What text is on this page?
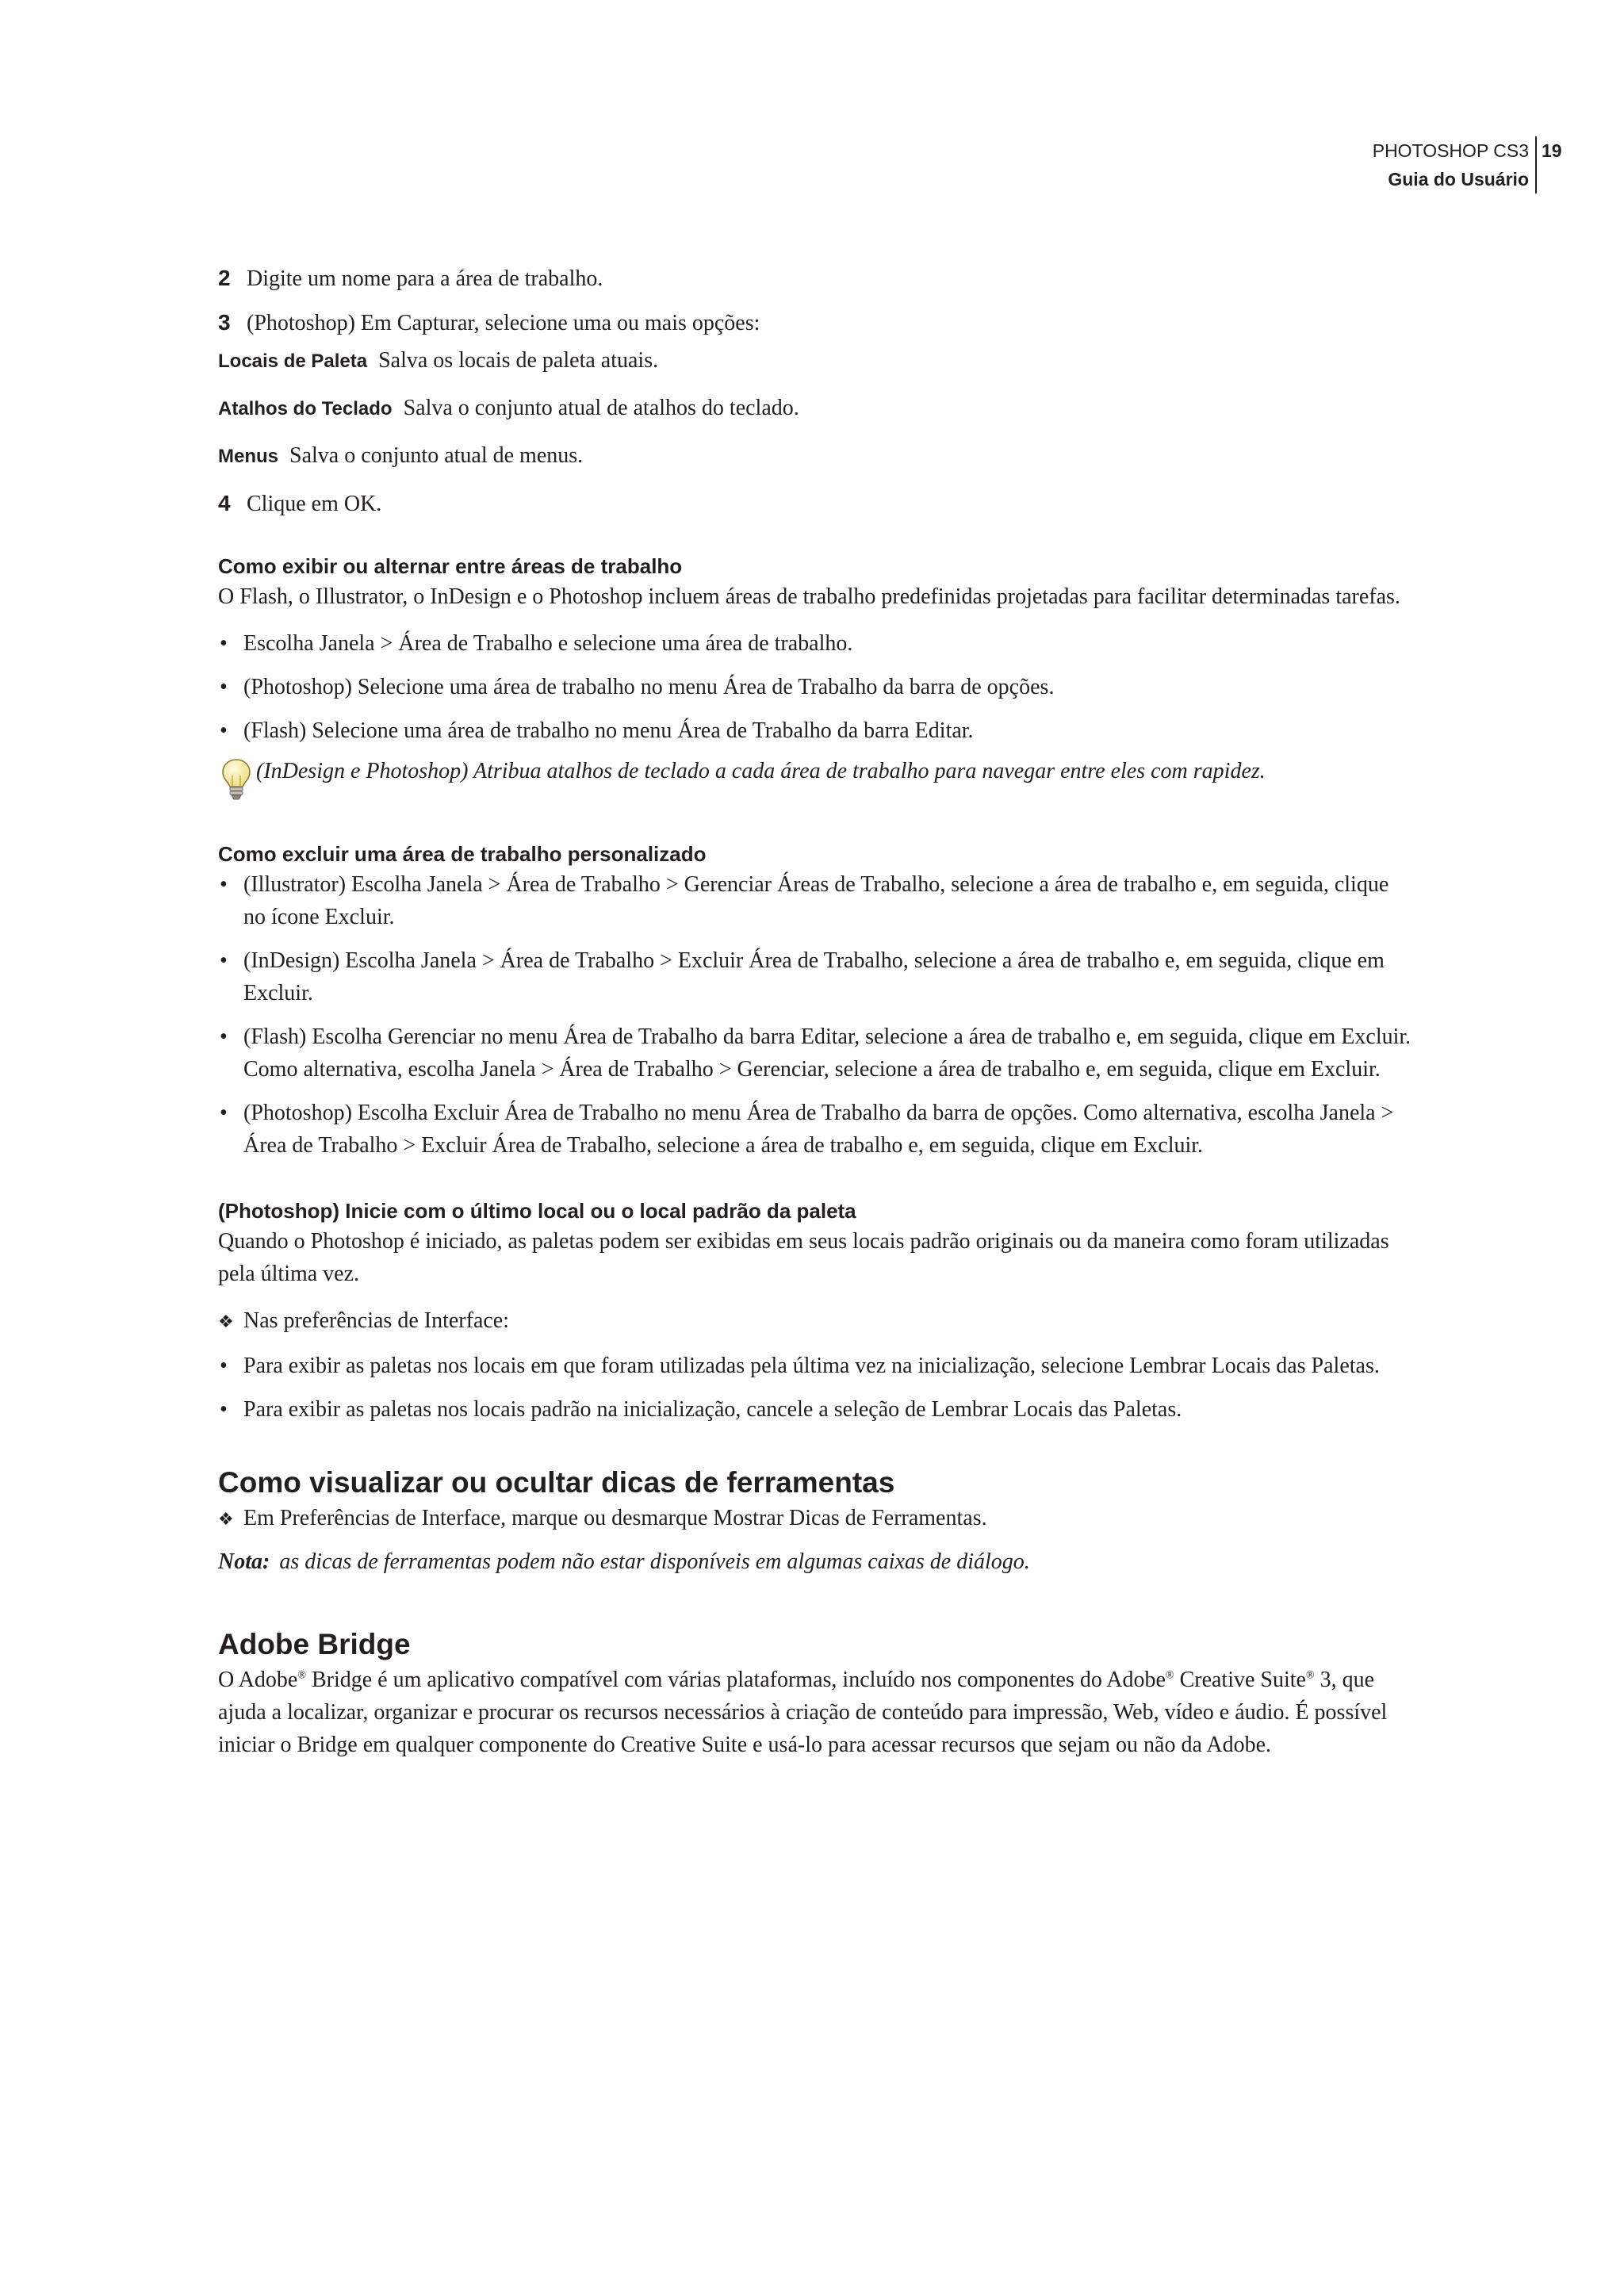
PHOTOSHOP CS3
Guia do Usuário
19

2 Digite um nome para a área de trabalho.

3 (Photoshop) Em Capturar, selecione uma ou mais opções:

Locais de Paleta Salva os locais de paleta atuais.

Atalhos do Teclado Salva o conjunto atual de atalhos do teclado.

Menus Salva o conjunto atual de menus.

4 Clique em OK.

Como exibir ou alternar entre áreas de trabalho

O Flash, o Illustrator, o InDesign e o Photoshop incluem áreas de trabalho predefinidas projetadas para facilitar determinadas tarefas.

• Escolha Janela > Área de Trabalho e selecione uma área de trabalho.
• (Photoshop) Selecione uma área de trabalho no menu Área de Trabalho da barra de opções.
• (Flash) Selecione uma área de trabalho no menu Área de Trabalho da barra Editar.
(InDesign e Photoshop) Atribua atalhos de teclado a cada área de trabalho para navegar entre eles com rapidez.
Como excluir uma área de trabalho personalizado
• (Illustrator) Escolha Janela > Área de Trabalho > Gerenciar Áreas de Trabalho, selecione a área de trabalho e, em seguida, clique no ícone Excluir.
• (InDesign) Escolha Janela > Área de Trabalho > Excluir Área de Trabalho, selecione a área de trabalho e, em seguida, clique em Excluir.
• (Flash) Escolha Gerenciar no menu Área de Trabalho da barra Editar, selecione a área de trabalho e, em seguida, clique em Excluir. Como alternativa, escolha Janela > Área de Trabalho > Gerenciar, selecione a área de trabalho e, em seguida, clique em Excluir.
• (Photoshop) Escolha Excluir Área de Trabalho no menu Área de Trabalho da barra de opções. Como alternativa, escolha Janela > Área de Trabalho > Excluir Área de Trabalho, selecione a área de trabalho e, em seguida, clique em Excluir.
(Photoshop) Inicie com o último local ou o local padrão da paleta

Quando o Photoshop é iniciado, as paletas podem ser exibidas em seus locais padrão originais ou da maneira como foram utilizadas pela última vez.

❖ Nas preferências de Interface:

• Para exibir as paletas nos locais em que foram utilizadas pela última vez na inicialização, selecione Lembrar Locais das Paletas.
• Para exibir as paletas nos locais padrão na inicialização, cancele a seleção de Lembrar Locais das Paletas.
Como visualizar ou ocultar dicas de ferramentas

❖ Em Preferências de Interface, marque ou desmarque Mostrar Dicas de Ferramentas.

Nota: as dicas de ferramentas podem não estar disponíveis em algumas caixas de diálogo.

Adobe Bridge

O Adobe® Bridge é um aplicativo compatível com várias plataformas, incluído nos componentes do Adobe® Creative Suite® 3, que ajuda a localizar, organizar e procurar os recursos necessários à criação de conteúdo para impressão, Web, vídeo e áudio. É possível iniciar o Bridge em qualquer componente do Creative Suite e usá-lo para acessar recursos que sejam ou não da Adobe.
